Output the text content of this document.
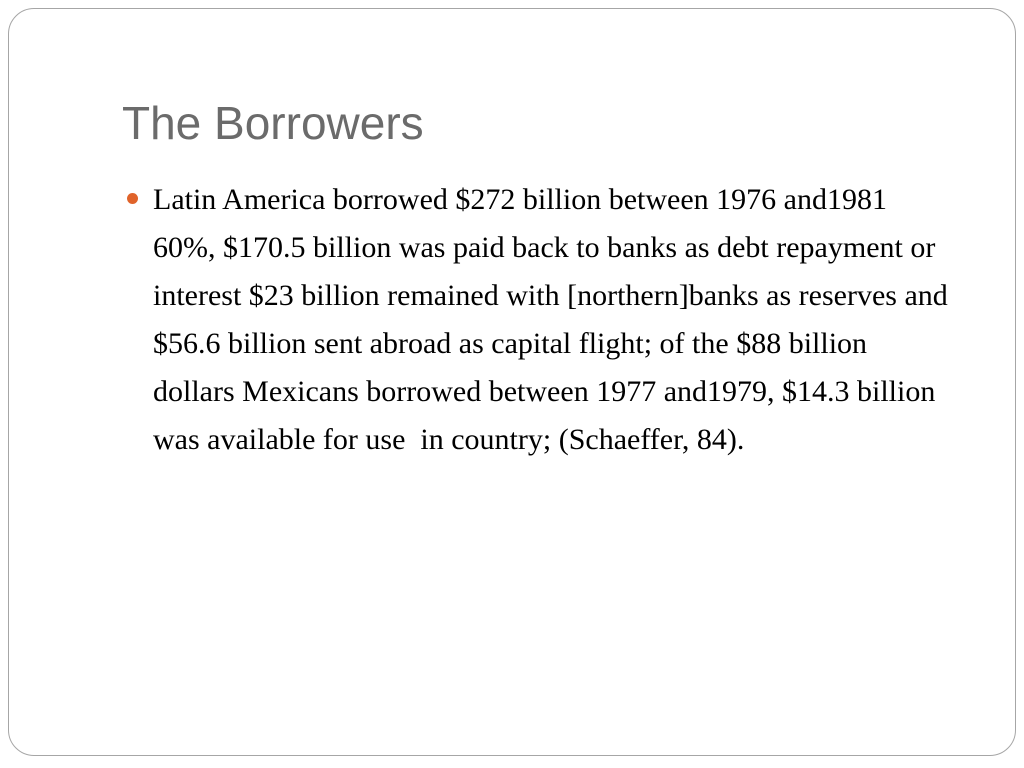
The Borrowers
Latin America borrowed $272 billion between 1976 and1981 60%, $170.5 billion was paid back to banks as debt repayment or interest $23 billion remained with [northern]banks as reserves and $56.6 billion sent abroad as capital flight; of the $88 billion dollars Mexicans borrowed between 1977 and1979, $14.3 billion was available for use  in country; (Schaeffer, 84).
